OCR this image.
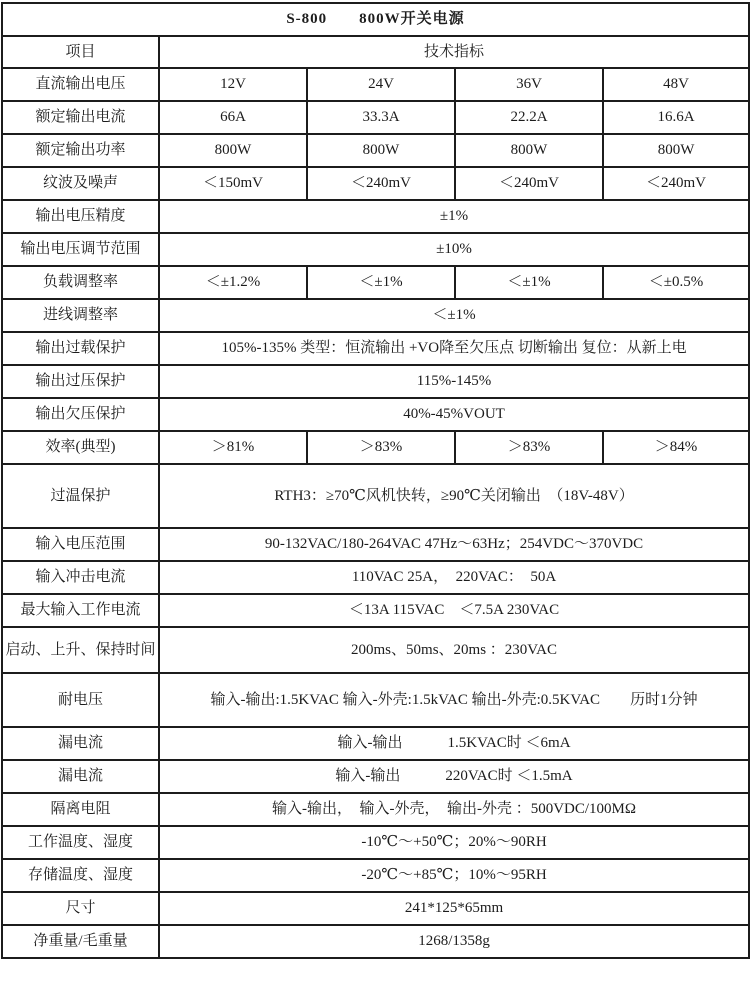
S-800　　800W开关电源				
项目	技术指标			
直流输出电压	12V	24V	36V	48V
额定输出电流	66A	33.3A	22.2A	16.6A
额定输出功率	800W	800W	800W	800W
纹波及噪声	＜150mV	＜240mV	＜240mV	＜240mV
输出电压精度	±1%			
输出电压调节范围	±10%			
负载调整率	＜±1.2%	＜±1%	＜±1%	＜±0.5%
进线调整率	＜±1%			
输出过载保护	105%-135% 类型：恒流输出 +VO降至欠压点 切断输出 复位：从新上电			
输出过压保护	115%-145%			
输出欠压保护	40%-45%VOUT			
效率(典型)	＞81%	＞83%	＞83%	＞84%
过温保护	RTH3：≥70℃风机快转，≥90℃关闭输出　（18V-48V）			
输入电压范围	90-132VAC/180-264VAC 47Hz～63Hz；254VDC～370VDC			
输入冲击电流	110VAC 25A，　220VAC：　50A			
最大输入工作电流	＜13A 115VAC　＜7.5A 230VAC			
启动、上升、保持时间	200ms、50ms、20ms ：230VAC			
耐电压	输入-输出:1.5KVAC 输入-外壳:1.5kVAC 输出-外壳:0.5KVAC　　历时1分钟			
漏电流	输入-输出　　　1.5KVAC时 ＜6mA			
漏电流	输入-输出　　　220VAC时 ＜1.5mA			
隔离电阻	输入-输出，　输入-外壳，　输出-外壳 ：500VDC/100MΩ			
工作温度、湿度	-10℃～+50℃；20%～90RH			
存储温度、湿度	-20℃～+85℃；10%～95RH			
尺寸	241*125*65mm			
净重量/毛重量	1268/1358g			
